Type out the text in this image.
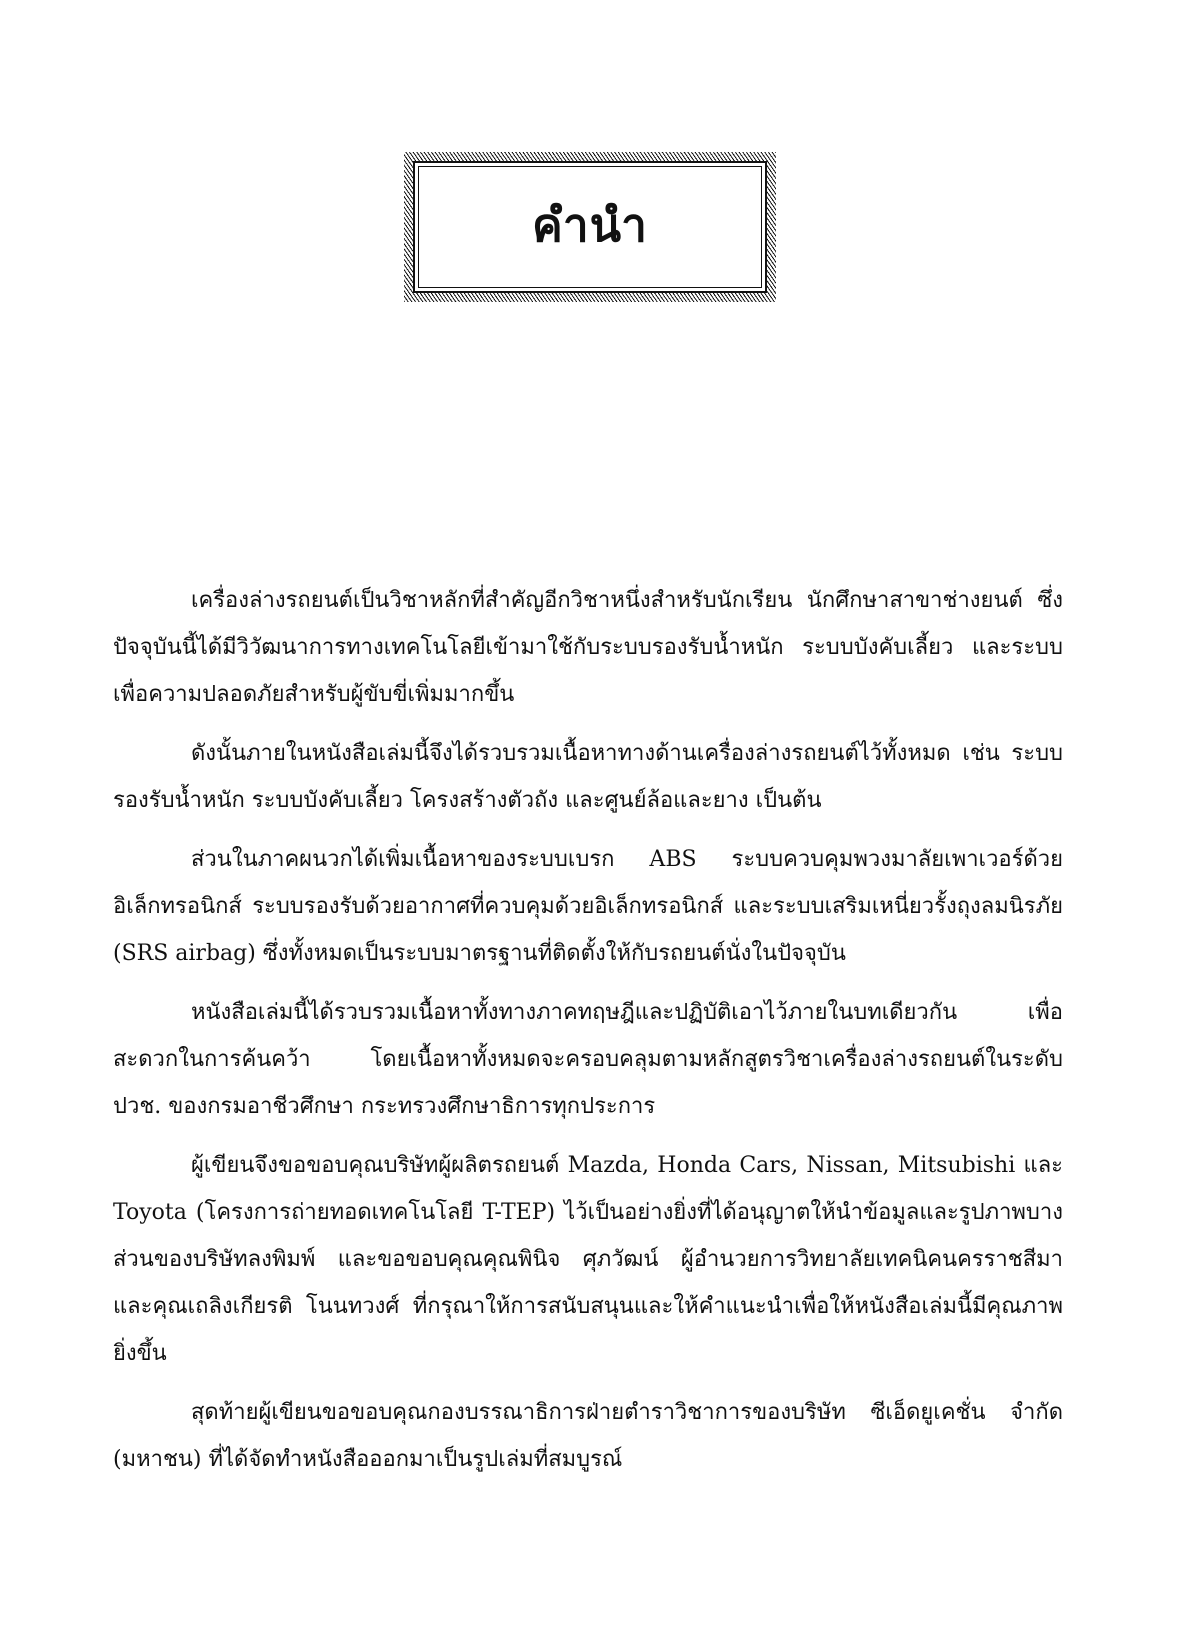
คำนำ

เครื่องล่างรถยนต์เป็นวิชาหลักที่สำคัญอีกวิชาหนึ่งสำหรับนักเรียน นักศึกษาสาขาช่างยนต์ ซึ่งปัจจุบันนี้ได้มีวิวัฒนาการทางเทคโนโลยีเข้ามาใช้กับระบบรองรับน้ำหนัก ระบบบังคับเลี้ยว และระบบเพื่อความปลอดภัยสำหรับผู้ขับขี่เพิ่มมากขึ้น

ดังนั้นภายในหนังสือเล่มนี้จึงได้รวบรวมเนื้อหาทางด้านเครื่องล่างรถยนต์ไว้ทั้งหมด เช่น ระบบรองรับน้ำหนัก ระบบบังคับเลี้ยว โครงสร้างตัวถัง และศูนย์ล้อและยาง เป็นต้น

ส่วนในภาคผนวกได้เพิ่มเนื้อหาของระบบเบรก ABS ระบบควบคุมพวงมาลัยเพาเวอร์ด้วยอิเล็กทรอนิกส์ ระบบรองรับด้วยอากาศที่ควบคุมด้วยอิเล็กทรอนิกส์ และระบบเสริมเหนี่ยวรั้งถุงลมนิรภัย (SRS airbag) ซึ่งทั้งหมดเป็นระบบมาตรฐานที่ติดตั้งให้กับรถยนต์นั่งในปัจจุบัน

หนังสือเล่มนี้ได้รวบรวมเนื้อหาทั้งทางภาคทฤษฎีและปฏิบัติเอาไว้ภายในบทเดียวกัน เพื่อสะดวกในการค้นคว้า โดยเนื้อหาทั้งหมดจะครอบคลุมตามหลักสูตรวิชาเครื่องล่างรถยนต์ในระดับ ปวช. ของกรมอาชีวศึกษา กระทรวงศึกษาธิการทุกประการ

ผู้เขียนจึงขอขอบคุณบริษัทผู้ผลิตรถยนต์ Mazda, Honda Cars, Nissan, Mitsubishi และ Toyota (โครงการถ่ายทอดเทคโนโลยี T-TEP) ไว้เป็นอย่างยิ่งที่ได้อนุญาตให้นำข้อมูลและรูปภาพบางส่วนของบริษัทลงพิมพ์ และขอขอบคุณคุณพินิจ ศุภวัฒน์ ผู้อำนวยการวิทยาลัยเทคนิคนครราชสีมา และคุณเถลิงเกียรติ โนนทวงศ์ ที่กรุณาให้การสนับสนุนและให้คำแนะนำเพื่อให้หนังสือเล่มนี้มีคุณภาพยิ่งขึ้น

สุดท้ายผู้เขียนขอขอบคุณกองบรรณาธิการฝ่ายตำราวิชาการของบริษัท ซีเอ็ดยูเคชั่น จำกัด (มหาชน) ที่ได้จัดทำหนังสือออกมาเป็นรูปเล่มที่สมบูรณ์
